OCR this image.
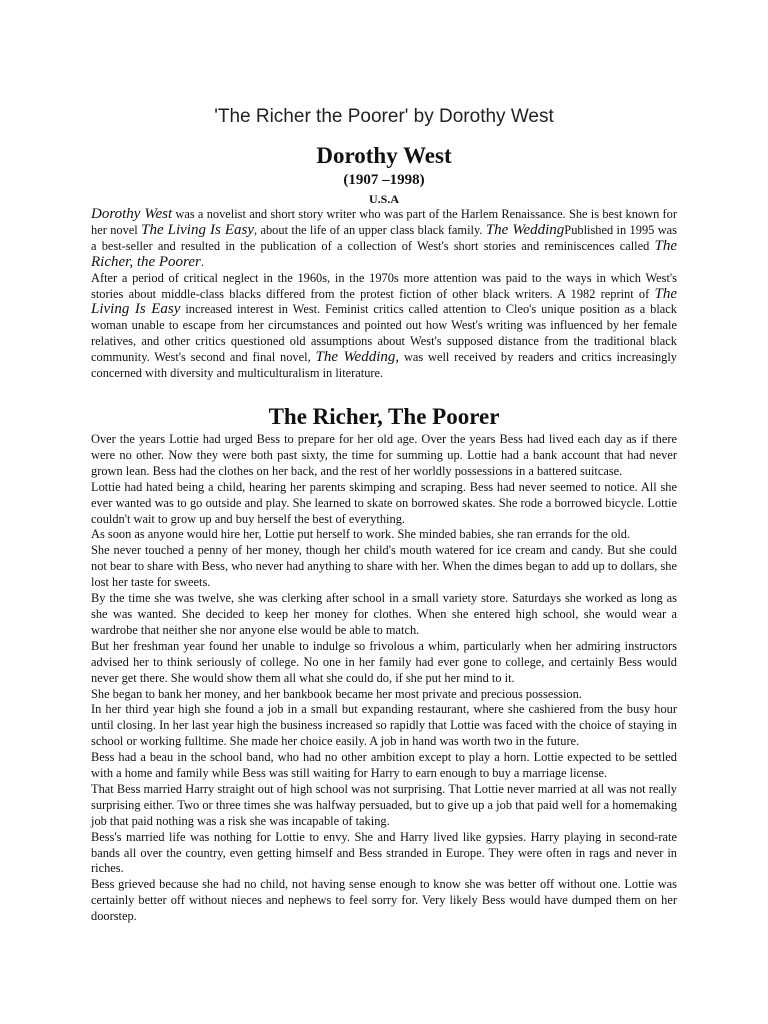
'The Richer the Poorer' by Dorothy West
Dorothy West
(1907 –1998)
U.S.A

Dorothy West was a novelist and short story writer who was part of the Harlem Renaissance. She is best known for her novel The Living Is Easy, about the life of an upper class black family. The WeddingPublished in 1995 was a best-seller and resulted in the publication of a collection of West's short stories and reminiscences called The Richer, the Poorer.

After a period of critical neglect in the 1960s, in the 1970s more attention was paid to the ways in which West's stories about middle-class blacks differed from the protest fiction of other black writers. A 1982 reprint of The Living Is Easy increased interest in West. Feminist critics called attention to Cleo's unique position as a black woman unable to escape from her circumstances and pointed out how West's writing was influenced by her female relatives, and other critics questioned old assumptions about West's supposed distance from the traditional black community. West's second and final novel, The Wedding, was well received by readers and critics increasingly concerned with diversity and multiculturalism in literature.

The Richer, The Poorer

Over the years Lottie had urged Bess to prepare for her old age. Over the years Bess had lived each day as if there were no other. Now they were both past sixty, the time for summing up. Lottie had a bank account that had never grown lean. Bess had the clothes on her back, and the rest of her worldly possessions in a battered suitcase.

Lottie had hated being a child, hearing her parents skimping and scraping. Bess had never seemed to notice. All she ever wanted was to go outside and play. She learned to skate on borrowed skates. She rode a borrowed bicycle. Lottie couldn't wait to grow up and buy herself the best of everything.

As soon as anyone would hire her, Lottie put herself to work. She minded babies, she ran errands for the old.

She never touched a penny of her money, though her child's mouth watered for ice cream and candy. But she could not bear to share with Bess, who never had anything to share with her. When the dimes began to add up to dollars, she lost her taste for sweets.

By the time she was twelve, she was clerking after school in a small variety store. Saturdays she worked as long as she was wanted. She decided to keep her money for clothes. When she entered high school, she would wear a wardrobe that neither she nor anyone else would be able to match.

But her freshman year found her unable to indulge so frivolous a whim, particularly when her admiring instructors advised her to think seriously of college. No one in her family had ever gone to college, and certainly Bess would never get there. She would show them all what she could do, if she put her mind to it.

She began to bank her money, and her bankbook became her most private and precious possession.

In her third year high she found a job in a small but expanding restaurant, where she cashiered from the busy hour until closing. In her last year high the business increased so rapidly that Lottie was faced with the choice of staying in school or working fulltime. She made her choice easily. A job in hand was worth two in the future.

Bess had a beau in the school band, who had no other ambition except to play a horn. Lottie expected to be settled with a home and family while Bess was still waiting for Harry to earn enough to buy a marriage license.

That Bess married Harry straight out of high school was not surprising. That Lottie never married at all was not really surprising either. Two or three times she was halfway persuaded, but to give up a job that paid well for a homemaking job that paid nothing was a risk she was incapable of taking.

Bess's married life was nothing for Lottie to envy. She and Harry lived like gypsies. Harry playing in second-rate bands all over the country, even getting himself and Bess stranded in Europe. They were often in rags and never in riches.

Bess grieved because she had no child, not having sense enough to know she was better off without one. Lottie was certainly better off without nieces and nephews to feel sorry for. Very likely Bess would have dumped them on her doorstep.
